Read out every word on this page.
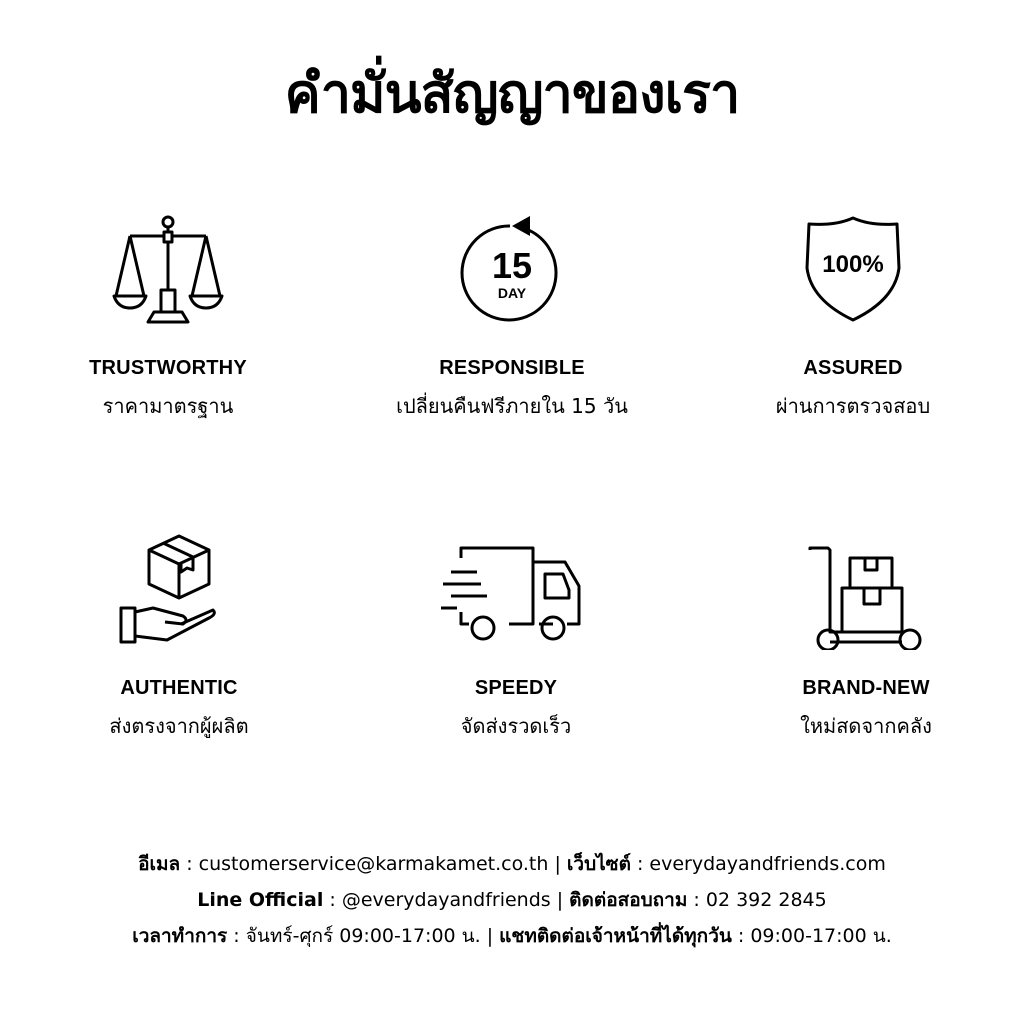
คำมั่นสัญญาของเรา
TRUSTWORTHY
ราคามาตรฐาน
15
DAY
RESPONSIBLE
เปลี่ยนคืนฟรีภายใน 15 วัน
100%
ASSURED
ผ่านการตรวจสอบ
AUTHENTIC
ส่งตรงจากผู้ผลิต
SPEEDY
จัดส่งรวดเร็ว
BRAND-NEW
ใหม่สดจากคลัง
อีเมล : customerservice@karmakamet.co.th | เว็บไซต์ : everydayandfriends.com
Line Official : @everydayandfriends | ติดต่อสอบถาม : 02 392 2845
เวลาทำการ : จันทร์-ศุกร์ 09:00-17:00 น. | แชทติดต่อเจ้าหน้าที่ได้ทุกวัน : 09:00-17:00 น.
